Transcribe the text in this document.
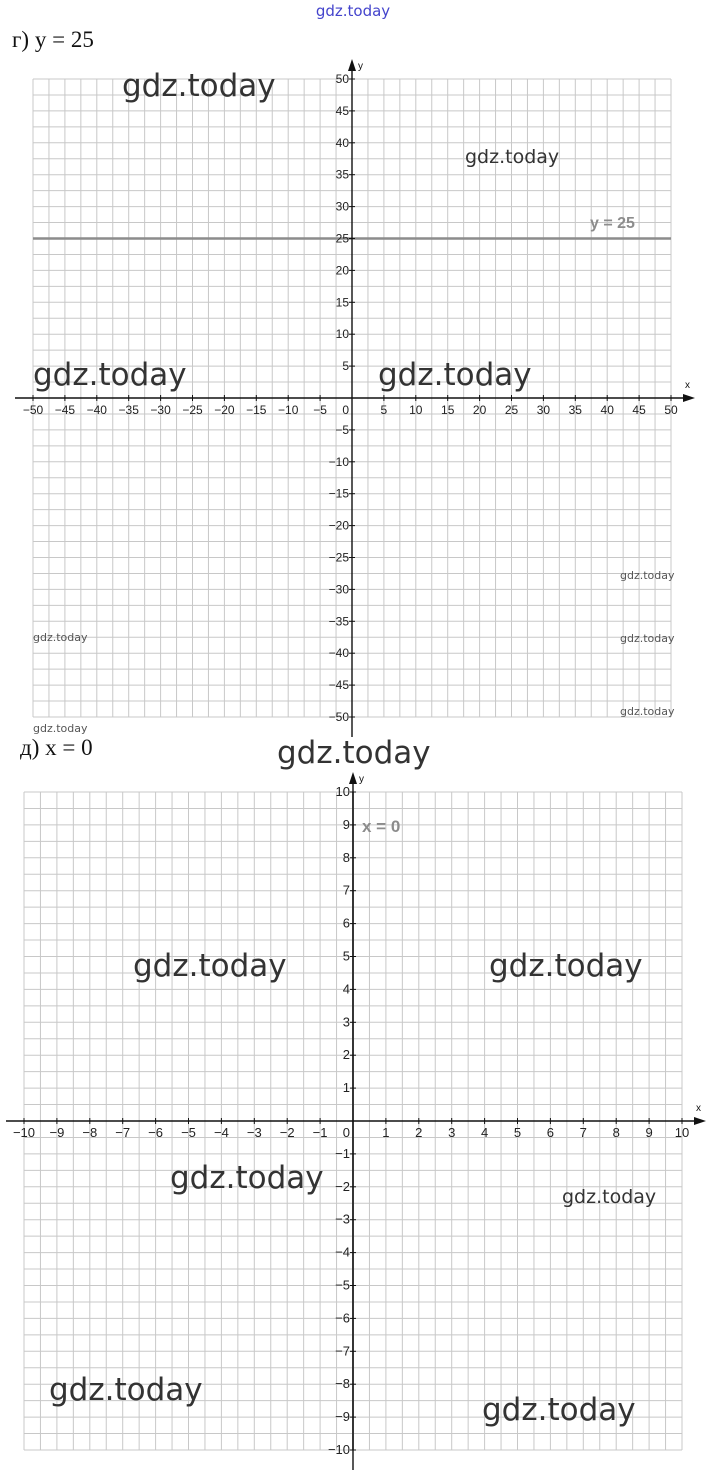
gdz.today
г) y = 25
x
y
−50 −45 −40 −35 −30 −25 −20 −15 −10 −5 0	5 10 15 20 25 30 35 40 45 50
−50
−45
−40
−35
−30
−25
−20
−15
−10
−5
5
10
15
20
25
30
35
40
45
50
y = 25
д) x = 0
x
y
−10 −9 −8 −7 −6 −5 −4 −3 −2 −1 0 1 2 3 4 5 6 7 8 9 10
−10
−9
−8
−7
−6
−5
−4
−3
−2
−1
1
2
3
4
5
6
7
8
9
10
x = 0
gdz.today
gdz.today
gdz.today	gdz.today
gdz.today
gdz.today	gdz.today
gdz.today
gdz.today
gdz.today
gdz.today	gdz.today
gdz.today
gdz.today
gdz.today
gdz.today
